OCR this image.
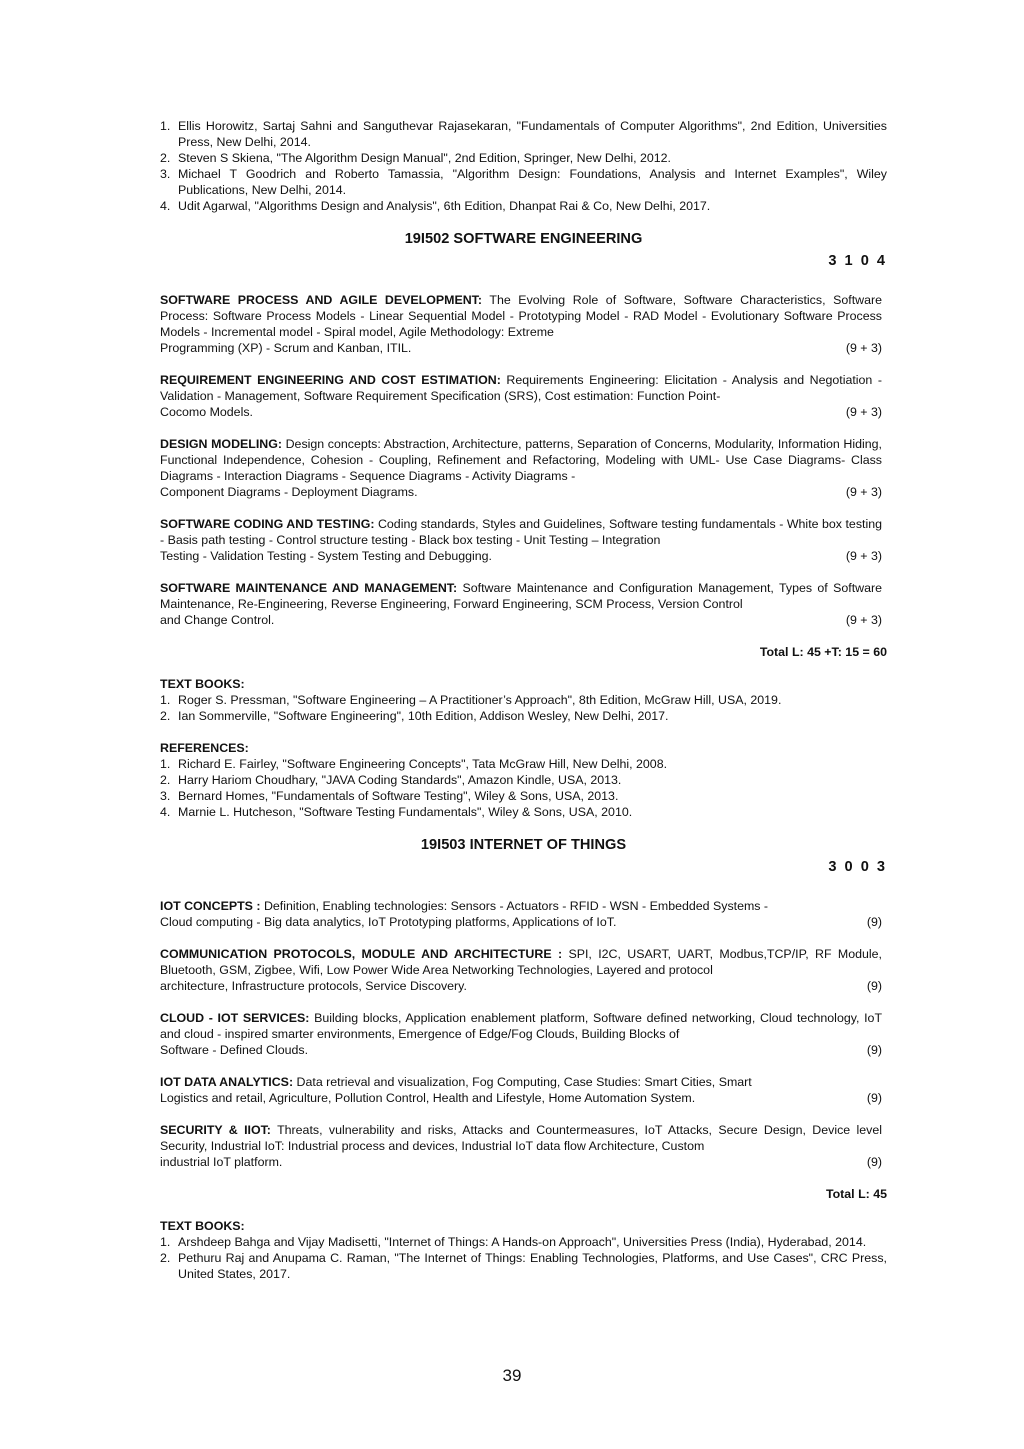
1. Ellis Horowitz, Sartaj Sahni and Sanguthevar Rajasekaran, "Fundamentals of Computer Algorithms", 2nd Edition, Universities Press, New Delhi, 2014.
2. Steven S Skiena, "The Algorithm Design Manual", 2nd Edition, Springer, New Delhi, 2012.
3. Michael T Goodrich and Roberto Tamassia, "Algorithm Design: Foundations, Analysis and Internet Examples", Wiley Publications, New Delhi, 2014.
4. Udit Agarwal, "Algorithms Design and Analysis", 6th Edition, Dhanpat Rai & Co, New Delhi, 2017.
19I502 SOFTWARE ENGINEERING
3 1 0 4
SOFTWARE PROCESS AND AGILE DEVELOPMENT: The Evolving Role of Software, Software Characteristics, Software Process: Software Process Models - Linear Sequential Model - Prototyping Model - RAD Model - Evolutionary Software Process Models - Incremental model - Spiral model, Agile Methodology: Extreme
Programming (XP) - Scrum and Kanban, ITIL.	(9 + 3)
REQUIREMENT ENGINEERING AND COST ESTIMATION: Requirements Engineering: Elicitation - Analysis and Negotiation - Validation - Management, Software Requirement Specification (SRS), Cost estimation: Function Point-
Cocomo Models.	(9 + 3)
DESIGN MODELING: Design concepts: Abstraction, Architecture, patterns, Separation of Concerns, Modularity, Information Hiding, Functional Independence, Cohesion - Coupling, Refinement and Refactoring, Modeling with UML- Use Case Diagrams- Class Diagrams - Interaction Diagrams - Sequence Diagrams - Activity Diagrams -
Component Diagrams - Deployment Diagrams.	(9 + 3)
SOFTWARE CODING AND TESTING: Coding standards, Styles and Guidelines, Software testing fundamentals - White box testing - Basis path testing - Control structure testing - Black box testing - Unit Testing – Integration
Testing - Validation Testing - System Testing and Debugging.	(9 + 3)
SOFTWARE MAINTENANCE AND MANAGEMENT: Software Maintenance and Configuration Management, Types of Software Maintenance, Re-Engineering, Reverse Engineering, Forward Engineering, SCM Process, Version Control
and Change Control.	(9 + 3)
Total L: 45 +T: 15 = 60
TEXT BOOKS:
1. Roger S. Pressman, "Software Engineering – A Practitioner’s Approach", 8th Edition, McGraw Hill, USA, 2019.
2. Ian Sommerville, "Software Engineering", 10th Edition, Addison Wesley, New Delhi, 2017.
REFERENCES:
1. Richard E. Fairley, "Software Engineering Concepts", Tata McGraw Hill, New Delhi, 2008.
2. Harry Hariom Choudhary, "JAVA Coding Standards", Amazon Kindle, USA, 2013.
3. Bernard Homes, "Fundamentals of Software Testing", Wiley & Sons, USA, 2013.
4. Marnie L. Hutcheson, "Software Testing Fundamentals", Wiley & Sons, USA, 2010.
19I503 INTERNET OF THINGS
3 0 0 3
IOT CONCEPTS : Definition, Enabling technologies: Sensors - Actuators - RFID - WSN - Embedded Systems -
Cloud computing - Big data analytics, IoT Prototyping platforms, Applications of IoT.	(9)
COMMUNICATION PROTOCOLS, MODULE AND ARCHITECTURE : SPI, I2C, USART, UART, Modbus,TCP/IP, RF Module, Bluetooth, GSM, Zigbee, Wifi, Low Power Wide Area Networking Technologies, Layered and protocol
architecture, Infrastructure protocols, Service Discovery.	(9)
CLOUD - IOT SERVICES: Building blocks, Application enablement platform, Software defined networking, Cloud technology, IoT and cloud - inspired smarter environments, Emergence of Edge/Fog Clouds, Building Blocks of
Software - Defined Clouds.	(9)
IOT DATA ANALYTICS: Data retrieval and visualization, Fog Computing, Case Studies: Smart Cities, Smart
Logistics and retail, Agriculture, Pollution Control, Health and Lifestyle, Home Automation System.	(9)
SECURITY & IIOT: Threats, vulnerability and risks, Attacks and Countermeasures, IoT Attacks, Secure Design, Device level Security, Industrial IoT: Industrial process and devices, Industrial IoT data flow Architecture, Custom
industrial IoT platform.	(9)
Total L: 45
TEXT BOOKS:
1. Arshdeep Bahga and Vijay Madisetti, "Internet of Things: A Hands-on Approach", Universities Press (India), Hyderabad, 2014.
2. Pethuru Raj and Anupama C. Raman, "The Internet of Things: Enabling Technologies, Platforms, and Use Cases", CRC Press, United States, 2017.
39
